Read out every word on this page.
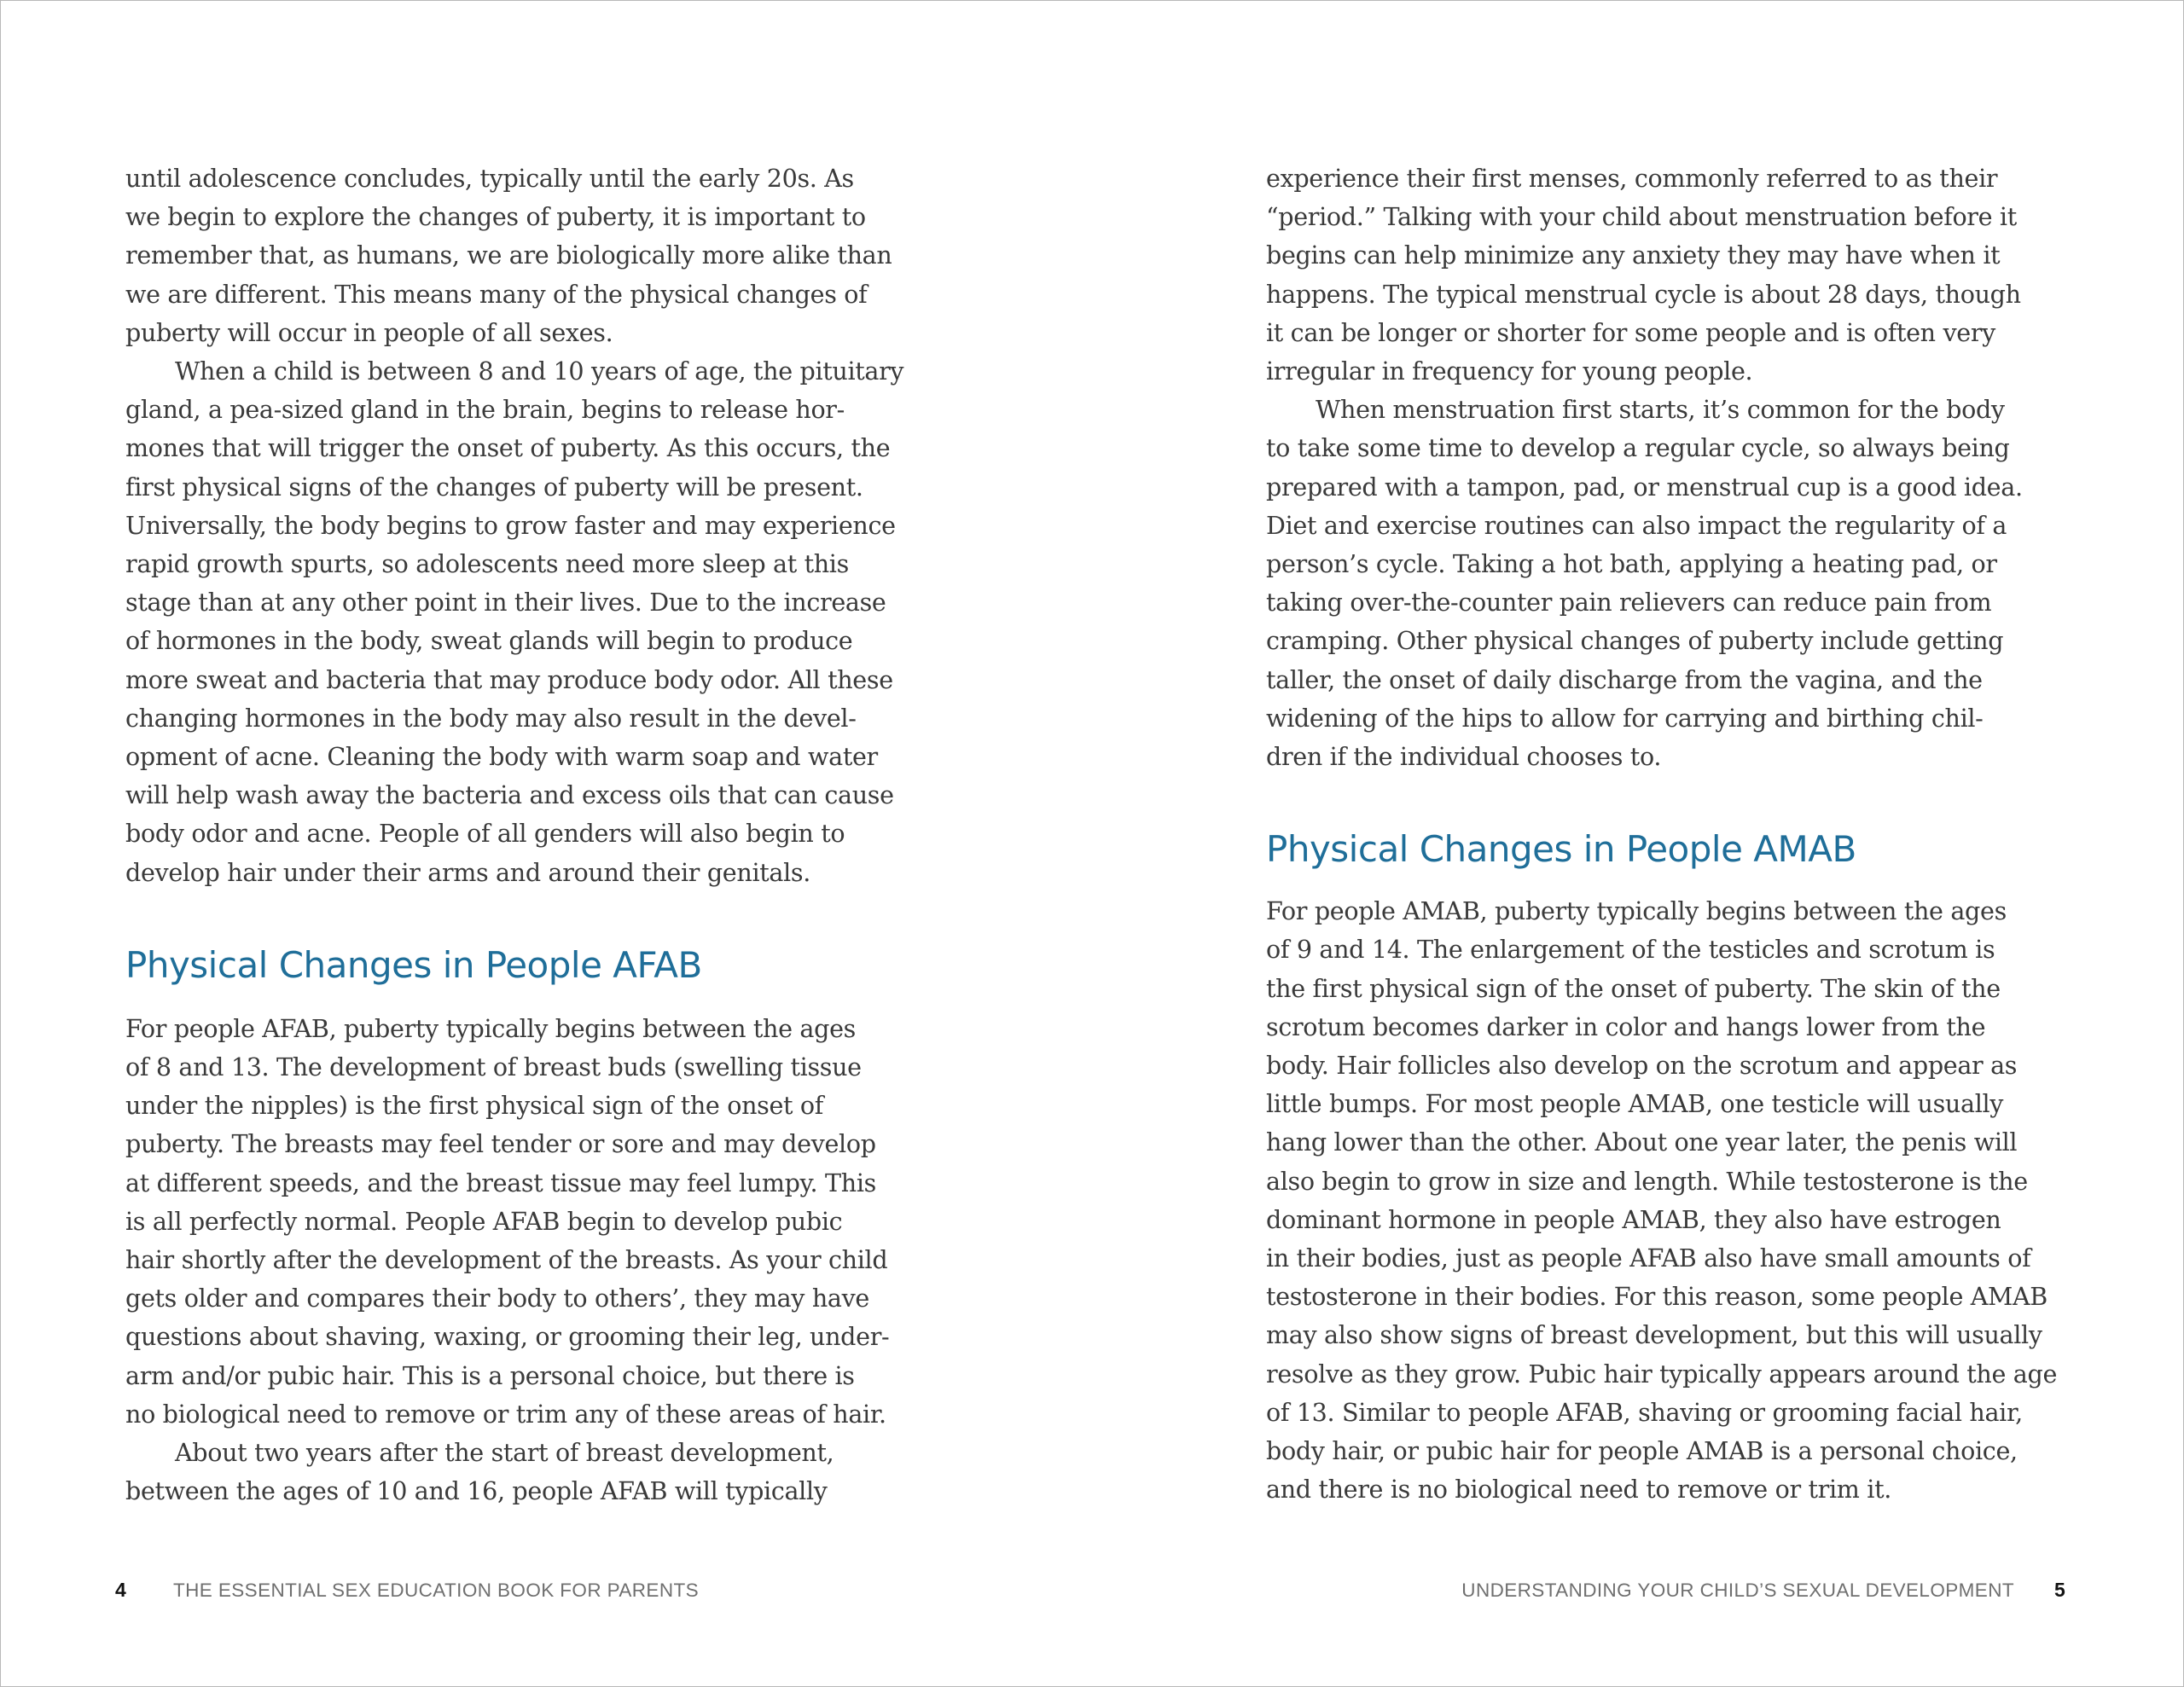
until adolescence concludes, typically until the early 20s. As
we begin to explore the changes of puberty, it is important to
remember that, as humans, we are biologically more alike than
we are different. This means many of the physical changes of
puberty will occur in people of all sexes.

When a child is between 8 and 10 years of age, the pituitary
gland, a pea-sized gland in the brain, begins to release hor-
mones that will trigger the onset of puberty. As this occurs, the
first physical signs of the changes of puberty will be present.
Universally, the body begins to grow faster and may experience
rapid growth spurts, so adolescents need more sleep at this
stage than at any other point in their lives. Due to the increase
of hormones in the body, sweat glands will begin to produce
more sweat and bacteria that may produce body odor. All these
changing hormones in the body may also result in the devel-
opment of acne. Cleaning the body with warm soap and water
will help wash away the bacteria and excess oils that can cause
body odor and acne. People of all genders will also begin to
develop hair under their arms and around their genitals.

Physical Changes in People AFAB

For people AFAB, puberty typically begins between the ages
of 8 and 13. The development of breast buds (swelling tissue
under the nipples) is the first physical sign of the onset of
puberty. The breasts may feel tender or sore and may develop
at different speeds, and the breast tissue may feel lumpy. This
is all perfectly normal. People AFAB begin to develop pubic
hair shortly after the development of the breasts. As your child
gets older and compares their body to others’, they may have
questions about shaving, waxing, or grooming their leg, under-
arm and/or pubic hair. This is a personal choice, but there is
no biological need to remove or trim any of these areas of hair.

About two years after the start of breast development,
between the ages of 10 and 16, people AFAB will typically

4 THE ESSENTIAL SEX EDUCATION BOOK FOR PARENTS

experience their first menses, commonly referred to as their
“period.” Talking with your child about menstruation before it
begins can help minimize any anxiety they may have when it
happens. The typical menstrual cycle is about 28 days, though
it can be longer or shorter for some people and is often very
irregular in frequency for young people.

When menstruation first starts, it’s common for the body
to take some time to develop a regular cycle, so always being
prepared with a tampon, pad, or menstrual cup is a good idea.
Diet and exercise routines can also impact the regularity of a
person’s cycle. Taking a hot bath, applying a heating pad, or
taking over-the-counter pain relievers can reduce pain from
cramping. Other physical changes of puberty include getting
taller, the onset of daily discharge from the vagina, and the
widening of the hips to allow for carrying and birthing chil-
dren if the individual chooses to.

Physical Changes in People AMAB

For people AMAB, puberty typically begins between the ages
of 9 and 14. The enlargement of the testicles and scrotum is
the first physical sign of the onset of puberty. The skin of the
scrotum becomes darker in color and hangs lower from the
body. Hair follicles also develop on the scrotum and appear as
little bumps. For most people AMAB, one testicle will usually
hang lower than the other. About one year later, the penis will
also begin to grow in size and length. While testosterone is the
dominant hormone in people AMAB, they also have estrogen
in their bodies, just as people AFAB also have small amounts of
testosterone in their bodies. For this reason, some people AMAB
may also show signs of breast development, but this will usually
resolve as they grow. Pubic hair typically appears around the age
of 13. Similar to people AFAB, shaving or grooming facial hair,
body hair, or pubic hair for people AMAB is a personal choice,
and there is no biological need to remove or trim it.

UNDERSTANDING YOUR CHILD’S SEXUAL DEVELOPMENT 5
